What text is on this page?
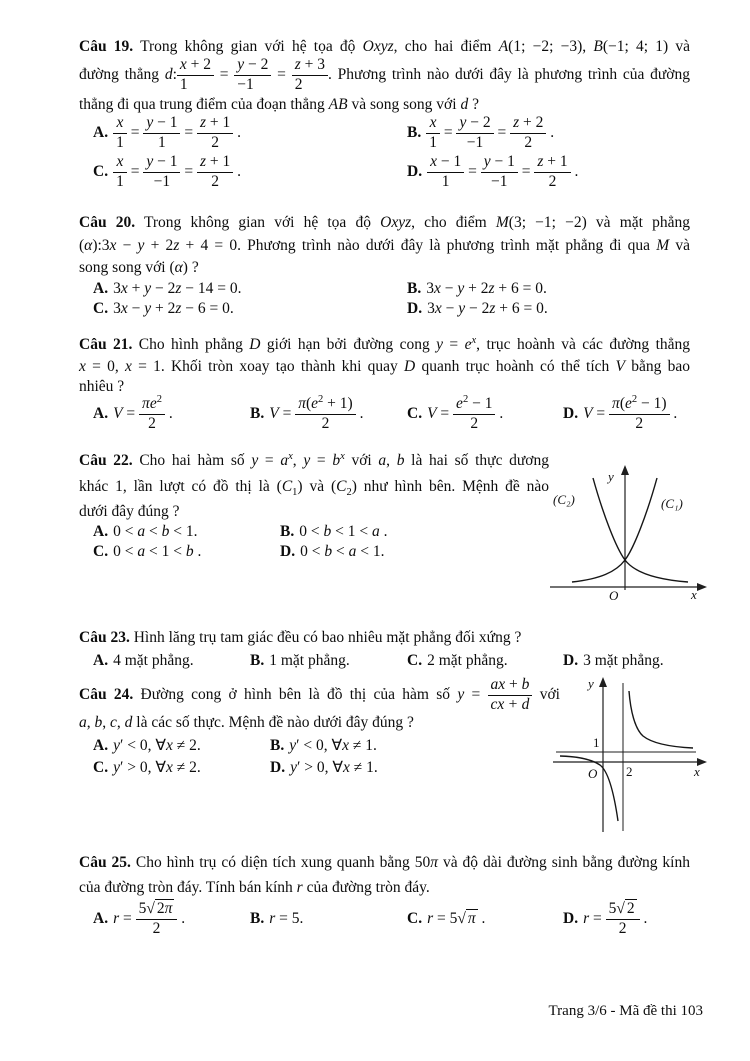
Câu 19. Trong không gian với hệ tọa độ Oxyz, cho hai điểm A(1; −2; −3), B(−1; 4; 1) và
đường thẳng d: $\frac{x + 2}{1} = \frac{y - 2}{-1} = \frac{z + 3}{2}$ . Phương trình nào dưới đây là phương trình của đường
thẳng đi qua trung điểm của đoạn thẳng AB và song song với d ?
A. $\frac{x}{1} = \frac{y - 1}{1} = \frac{z + 1}{2}$ .	B. $\frac{x}{1} = \frac{y - 2}{-1} = \frac{z + 2}{2}$ .
C. $\frac{x}{1} = \frac{y - 1}{-1} = \frac{z + 1}{2}$ .	D. $\frac{x - 1}{1} = \frac{y - 1}{-1} = \frac{z + 1}{2}$ .
Câu 20. Trong không gian với hệ tọa độ Oxyz, cho điểm M(3; −1; −2) và mặt phẳng
(α):3x − y + 2z + 4 = 0. Phương trình nào dưới đây là phương trình mặt phẳng đi qua M và
song song với (α) ?
A. 3x + y − 2z − 14 = 0.	B. 3x − y + 2z + 6 = 0.
C. 3x − y + 2z − 6 = 0.	D. 3x − y − 2z + 6 = 0.
Câu 21. Cho hình phẳng D giới hạn bởi đường cong $y = e^x$, trục hoành và các đường thẳng
x = 0, x = 1. Khối tròn xoay tạo thành khi quay D quanh trục hoành có thể tích V bằng bao
nhiêu ?
A. $V = \frac{\pi e^2}{2}$ .	B. $V = \frac{\pi(e^2 + 1)}{2}$ .	C. $V = \frac{e^2 - 1}{2}$ .	D. $V = \frac{\pi(e^2 - 1)}{2}$ .
Câu 22. Cho hai hàm số $y = a^x$, $y = b^x$ với a, b là hai số thực dương
khác 1, lần lượt có đồ thị là $(C_1)$ và $(C_2)$ như hình bên. Mệnh đề nào
dưới đây đúng ?
A. 0 < a < b < 1.	B. 0 < b < 1 < a .
C. 0 < a < 1 < b .	D. 0 < b < a < 1.
y
x
O
(C₂)	(C₁)
Câu 23. Hình lăng trụ tam giác đều có bao nhiêu mặt phẳng đối xứng ?
A. 4 mặt phẳng.	B. 1 mặt phẳng.	C. 2 mặt phẳng.	D. 3 mặt phẳng.
Câu 24. Đường cong ở hình bên là đồ thị của hàm số $y = \frac{ax + b}{cx + d}$ với
a, b, c, d là các số thực. Mệnh đề nào dưới đây đúng ?
A. y′ < 0, ∀x ≠ 2.	B. y′ < 0, ∀x ≠ 1.
C. y′ > 0, ∀x ≠ 2.	D. y′ > 0, ∀x ≠ 1.
1
2
O
y
x
Câu 25. Cho hình trụ có diện tích xung quanh bằng 50π và độ dài đường sinh bằng đường kính
của đường tròn đáy. Tính bán kính r của đường tròn đáy.
A. $r = \frac{5√ 2\pi}{2}$ .	B. r = 5.	C. r = 5√ π .	D. $r = \frac{5√ 2}{2}$ .
Trang 3/6 - Mã đề thi 103
